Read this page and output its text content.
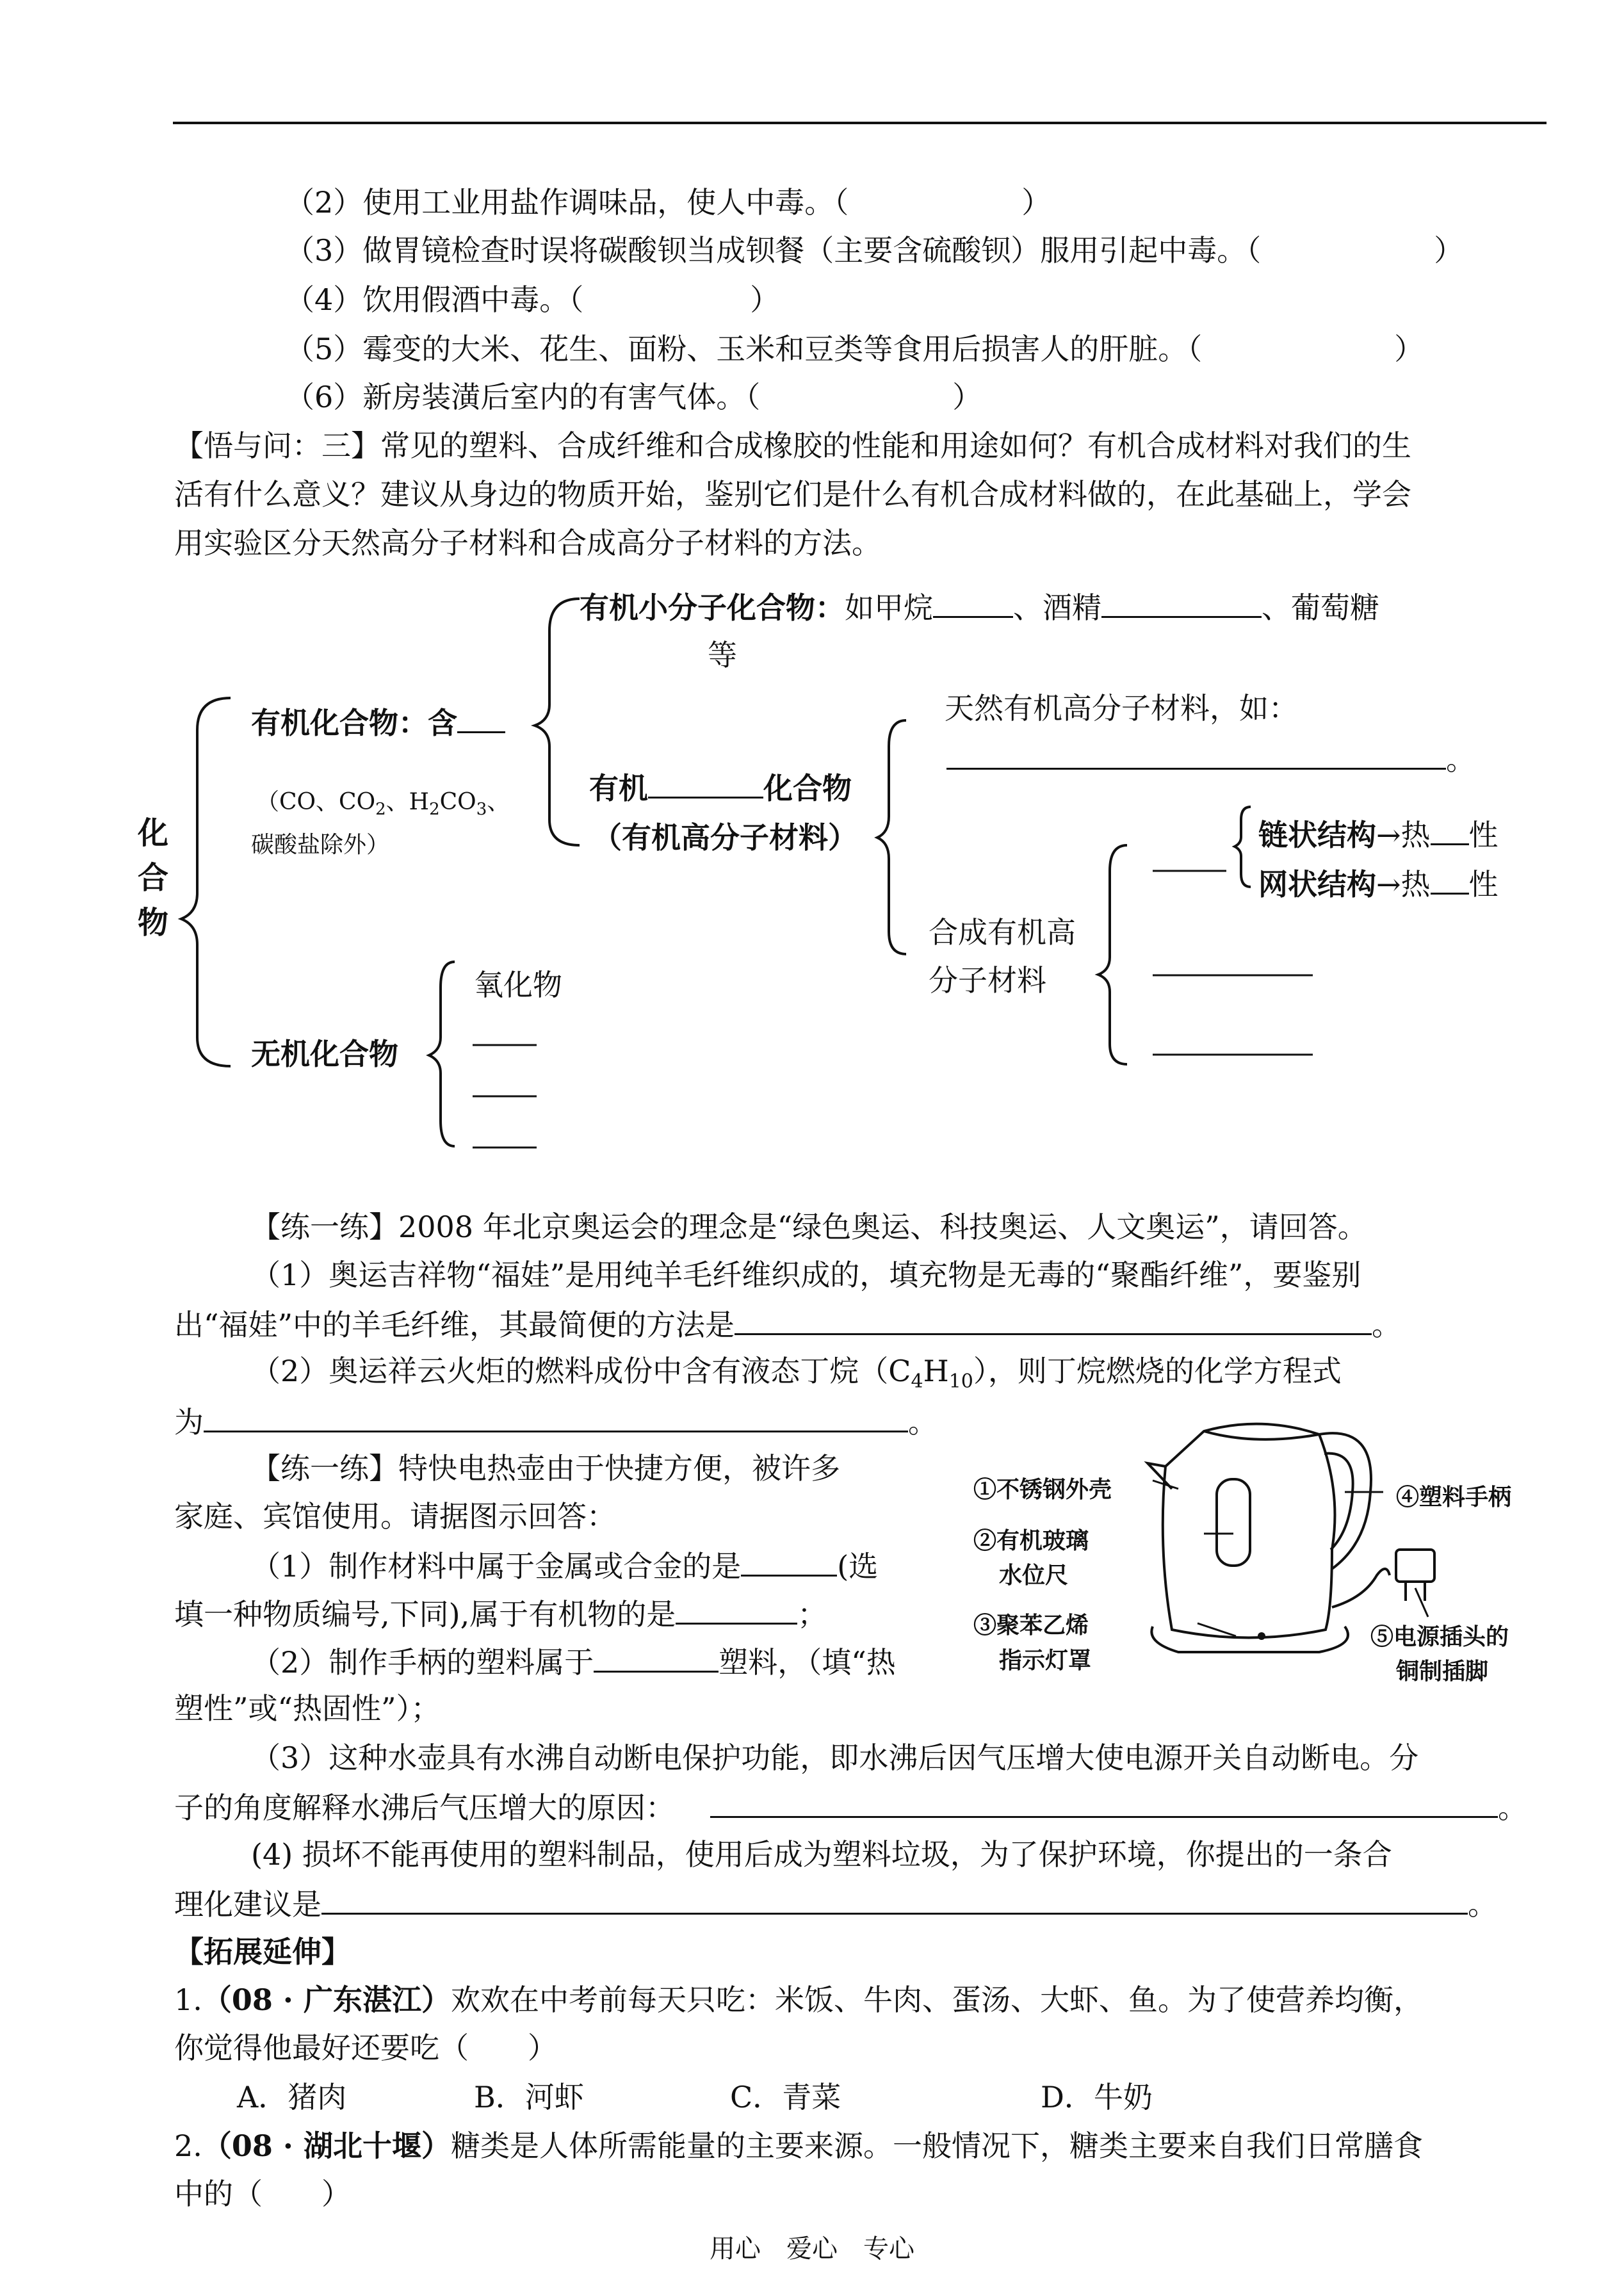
（2）使用工业用盐作调味品，使人中毒。（	）
（3）做胃镜检查时误将碳酸钡当成钡餐（主要含硫酸钡）服用引起中毒。（	）
（4）饮用假酒中毒。（	）
（5）霉变的大米、花生、面粉、玉米和豆类等食用后损害人的肝脏。（	）
（6）新房装潢后室内的有害气体。（	）
【悟与问：三】常见的塑料、合成纤维和合成橡胶的性能和用途如何？有机合成材料对我们的生
活有什么意义？建议从身边的物质开始，鉴别它们是什么有机合成材料做的，在此基础上，学会
用实验区分天然高分子材料和合成高分子材料的方法。
化
合
物
有机化合物：含
（CO、$CO_2$、$H_2CO_3$、
碳酸盐除外）
有机小分子化合物：如甲烷	、酒精	、葡萄糖
等
有机	化合物
（有机高分子材料）
天然有机高分子材料，如：
。
合成有机高
分子材料
链状结构→热 性
网状结构→热 性
氧化物
无机化合物
【练一练】2008 年北京奥运会的理念是“绿色奥运、科技奥运、人文奥运”，请回答。
（1）奥运吉祥物“福娃”是用纯羊毛纤维织成的，填充物是无毒的“聚酯纤维”，要鉴别
出“福娃”中的羊毛纤维，其最简便的方法是	。
（2）奥运祥云火炬的燃料成份中含有液态丁烷$(C_4H_{10})$，则丁烷燃烧的化学方程式
为	。
【练一练】特快电热壶由于快捷方便，被许多
家庭、宾馆使用。请据图示回答：
（1）制作材料中属于金属或合金的是	(选
填一种物质编号,下同),属于有机物的是	；
（2）制作手柄的塑料属于	塑料，（填“热
塑性”或“热固性”）；
（3）这种水壶具有水沸自动断电保护功能，即水沸后因气压增大使电源开关自动断电。分
子的角度解释水沸后气压增大的原因：	。
(4) 损坏不能再使用的塑料制品，使用后成为塑料垃圾，为了保护环境，你提出的一条合
理化建议是	。
①不锈钢外壳
②有机玻璃
水位尺
③聚苯乙烯
指示灯罩
④塑料手柄
⑤电源插头的
铜制插脚
【拓展延伸】
1.（08 · 广东湛江）欢欢在中考前每天只吃：米饭、牛肉、蛋汤、大虾、鱼。为了使营养均衡，
你觉得他最好还要吃（　　）
A．猪肉	B．河虾	C．青菜	D．牛奶
2.（08 · 湖北十堰）糖类是人体所需能量的主要来源。一般情况下，糖类主要来自我们日常膳食
中的（　　）
用心　爱心　专心
